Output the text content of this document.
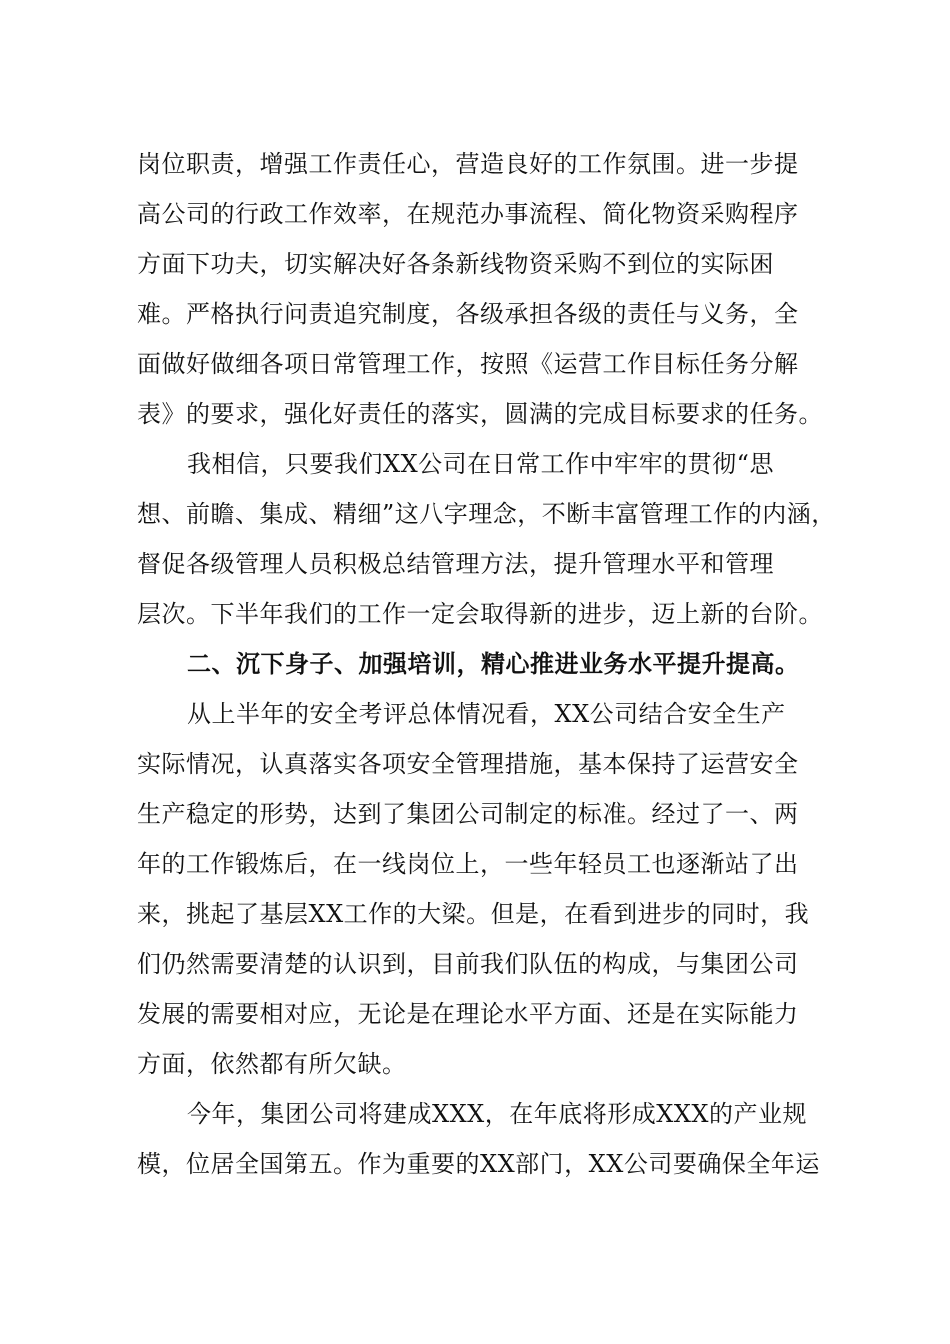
岗位职责，增强工作责任心，营造良好的工作氛围。进一步提
高公司的行政工作效率，在规范办事流程、简化物资采购程序
方面下功夫，切实解决好各条新线物资采购不到位的实际困
难。严格执行问责追究制度，各级承担各级的责任与义务，全
面做好做细各项日常管理工作，按照《运营工作目标任务分解
表》的要求，强化好责任的落实，圆满的完成目标要求的任务。
我相信，只要我们XX公司在日常工作中牢牢的贯彻“思
想、前瞻、集成、精细”这八字理念，不断丰富管理工作的内涵，
督促各级管理人员积极总结管理方法，提升管理水平和管理
层次。下半年我们的工作一定会取得新的进步，迈上新的台阶。
二、沉下身子、加强培训，精心推进业务水平提升提高。
从上半年的安全考评总体情况看，XX公司结合安全生产
实际情况，认真落实各项安全管理措施，基本保持了运营安全
生产稳定的形势，达到了集团公司制定的标准。经过了一、两
年的工作锻炼后，在一线岗位上，一些年轻员工也逐渐站了出
来，挑起了基层XX工作的大梁。但是，在看到进步的同时，我
们仍然需要清楚的认识到，目前我们队伍的构成，与集团公司
发展的需要相对应，无论是在理论水平方面、还是在实际能力
方面，依然都有所欠缺。
今年，集团公司将建成XXX，在年底将形成XXX的产业规
模，位居全国第五。作为重要的XX部门，XX公司要确保全年运
